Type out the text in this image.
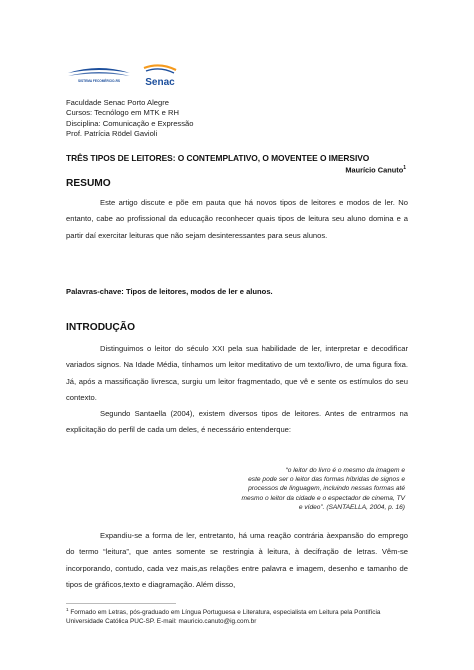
SISTEMA FECOMÉRCIO-RS	Senac
Faculdade Senac Porto Alegre
Cursos: Tecnólogo em MTK e RH
Disciplina: Comunicação e Expressão
Prof. Patrícia Rödel Gavioli
TRÊS TIPOS DE LEITORES: O CONTEMPLATIVO, O MOVENTEE O IMERSIVO
Maurício Canuto$^1$
RESUMO
Este artigo discute e põe em pauta que há novos tipos de leitores e modos de ler. No entanto, cabe ao profissional da educação reconhecer quais tipos de leitura seu aluno domina e a partir daí exercitar leituras que não sejam desinteressantes para seus alunos.
Palavras-chave: Tipos de leitores, modos de ler e alunos.
INTRODUÇÃO
Distinguimos o leitor do século XXI pela sua habilidade de ler, interpretar e decodificar variados signos. Na Idade Média, tínhamos um leitor meditativo de um texto/livro, de uma figura fixa. Já, após a massificação livresca, surgiu um leitor fragmentado, que vê e sente os estímulos do seu contexto.
Segundo Santaella (2004), existem diversos tipos de leitores. Antes de entrarmos na explicitação do perfil de cada um deles, é necessário entenderque:
“o leitor do livro é o mesmo da imagem e
este pode ser o leitor das formas híbridas de signos e
processos de linguagem, incluindo nessas formas até
mesmo o leitor da cidade e o espectador de cinema, TV
e vídeo”. (SANTAELLA, 2004, p. 16)
Expandiu-se a forma de ler, entretanto, há uma reação contrária àexpansão do emprego do termo “leitura”, que antes somente se restringia à leitura, à decifração de letras. Vêm-se incorporando, contudo, cada vez mais,as relações entre palavra e imagem, desenho e tamanho de tipos de gráficos,texto e diagramação. Além disso,
$^1$ Formado em Letras, pós-graduado em Língua Portuguesa e Literatura, especialista em Leitura pela Pontifícia Universidade Católica PUC-SP. E-mail: mauricio.canuto@ig.com.br
